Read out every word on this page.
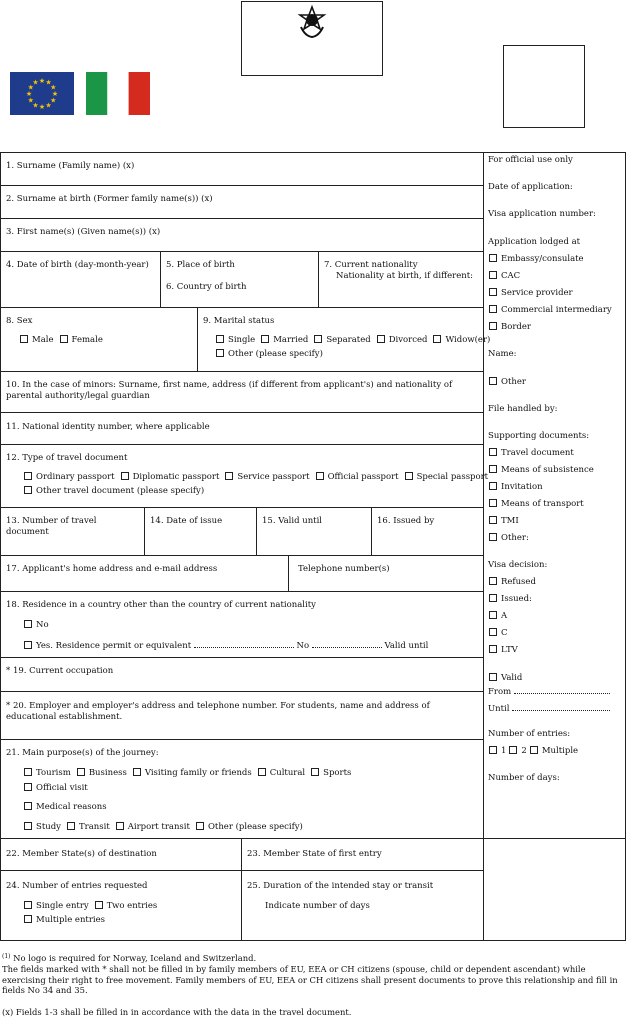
★ ★
★
★
★
★
★
★
★
★
★
★
1. Surname (Family name) (x)
2. Surname at birth (Former family name(s)) (x)
3. First name(s) (Given name(s)) (x)
4. Date of birth (day-month-year) 5. Place of birth
6. Country of birth
7. Current nationality
Nationality at birth, if different:
8. Sex
Male Female
9. Marital status
Single Married Separated Divorced Widow(er)
Other (please specify)
10. In the case of minors: Surname, first name, address (if different from applicant's) and nationality of parental authority/legal guardian
11. National identity number, where applicable
12. Type of travel document
Ordinary passport Diplomatic passport Service passport Official passport Special passport
Other travel document (please specify)
13. Number of travel document
14. Date of issue	15. Valid until	16. Issued by
17. Applicant's home address and e-mail address	Telephone number(s)
18. Residence in a country other than the country of current nationality
No
Yes. Residence permit or equivalent	No	Valid until
* 19. Current occupation
* 20. Employer and employer's address and telephone number. For students, name and address of educational establishment.
21. Main purpose(s) of the journey:
Tourism Business Visiting family or friends Cultural Sports
Official visit
Medical reasons
Study Transit Airport transit Other (please specify)
22. Member State(s) of destination	23. Member State of first entry
24. Number of entries requested
Single entry Two entries
Multiple entries
25. Duration of the intended stay or transit
Indicate number of days
For official use only
Date of application:
Visa application number:
Application lodged at
Embassy/consulate
CAC
Service provider
Commercial intermediary
Border
Name:
Other
File handled by:
Supporting documents:
Travel document
Means of subsistence
Invitation
Means of transport
TMI
Other:
Visa decision:
Refused
Issued:
A
C
LTV
Valid
From
Until
Number of entries:
1 2 Multiple
Number of days:
$^{(1)}$ No logo is required for Norway, Iceland and Switzerland.
The fields marked with * shall not be filled in by family members of EU, EEA or CH citizens (spouse, child or dependent ascendant) while exercising their right to free movement. Family members of EU, EEA or CH citizens shall present documents to prove this relationship and fill in fields No 34 and 35.
(x) Fields 1-3 shall be filled in in accordance with the data in the travel document.
